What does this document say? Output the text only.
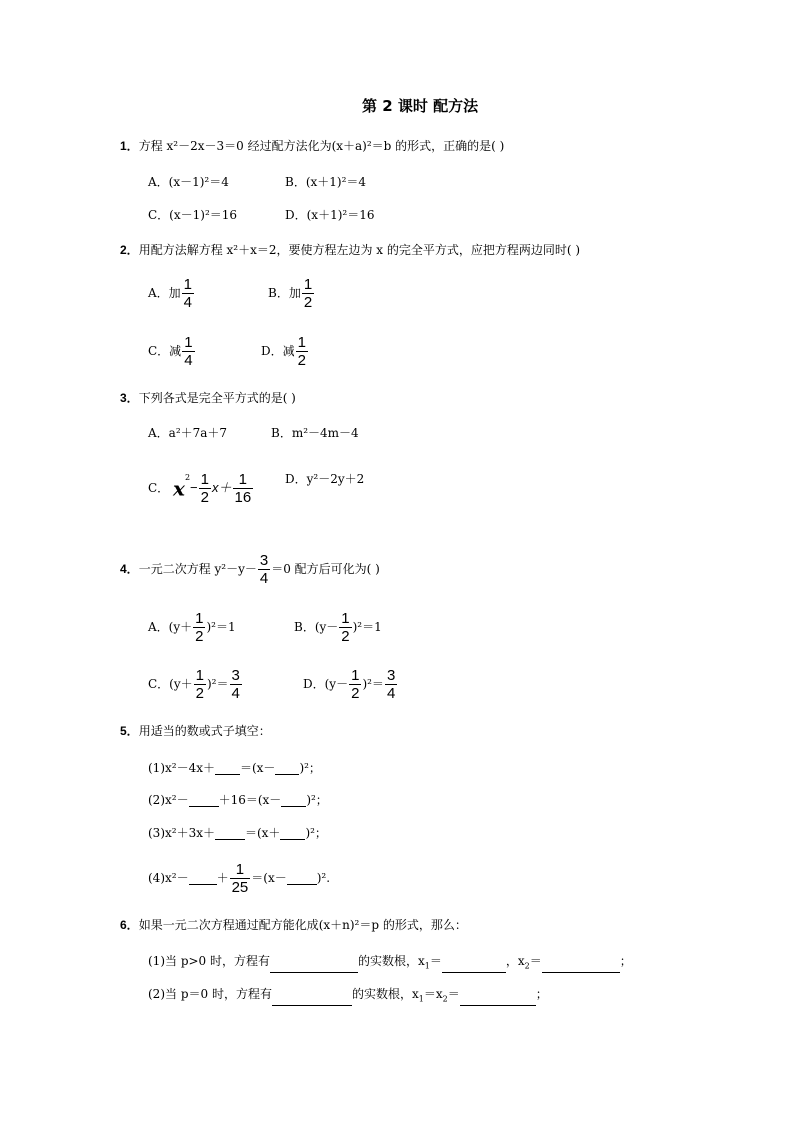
第 2 课时 配方法
1．方程 x²－2x－3＝0 经过配方法化为(x＋a)²＝b 的形式，正确的是( )
A．(x－1)²＝4	B．(x＋1)²＝4
C．(x－1)²＝16	D．(x＋1)²＝16
2．用配方法解方程 x²＋x＝2，要使方程左边为 x 的完全平方式，应把方程两边同时( )
A．加 $\frac{1}{4}$	B．加 $\frac{1}{2}$
C．减 $\frac{1}{4}$	D．减 $\frac{1}{2}$
3．下列各式是完全平方式的是( )
A．a²＋7a＋7	B．m²－4m－4
C． $x^2- \frac{1}{2} x+ \frac{1}{16}$	D．y²－2y＋2
4．一元二次方程 $y^2-y- \frac{3}{4} =0$ 配方后可化为( )
A．$(y+ \frac{1}{2} )^2=1$	B．$(y- \frac{1}{2} )^2=1$
C．$(y+ \frac{1}{2} )^2= \frac{3}{4}$	D．$(y- \frac{1}{2} )^2= \frac{3}{4}$
5．用适当的数或式子填空：
(1)x²－4x＋ ＝(x－ )²；
(2)x²－	＋16＝(x－ )²；
(3)x²＋3x＋	＝(x＋ )²；
$(4)x^2- + \frac{1}{25} =(x-$	)².
6．如果一元二次方程通过配方能化成(x＋n)²＝p 的形式，那么：
(1)当 p>0 时，方程有	的实数根，$x_1=$	，$x_2=$	；
(2)当 p＝0 时，方程有	的实数根，$x_1=x_2=$	；
